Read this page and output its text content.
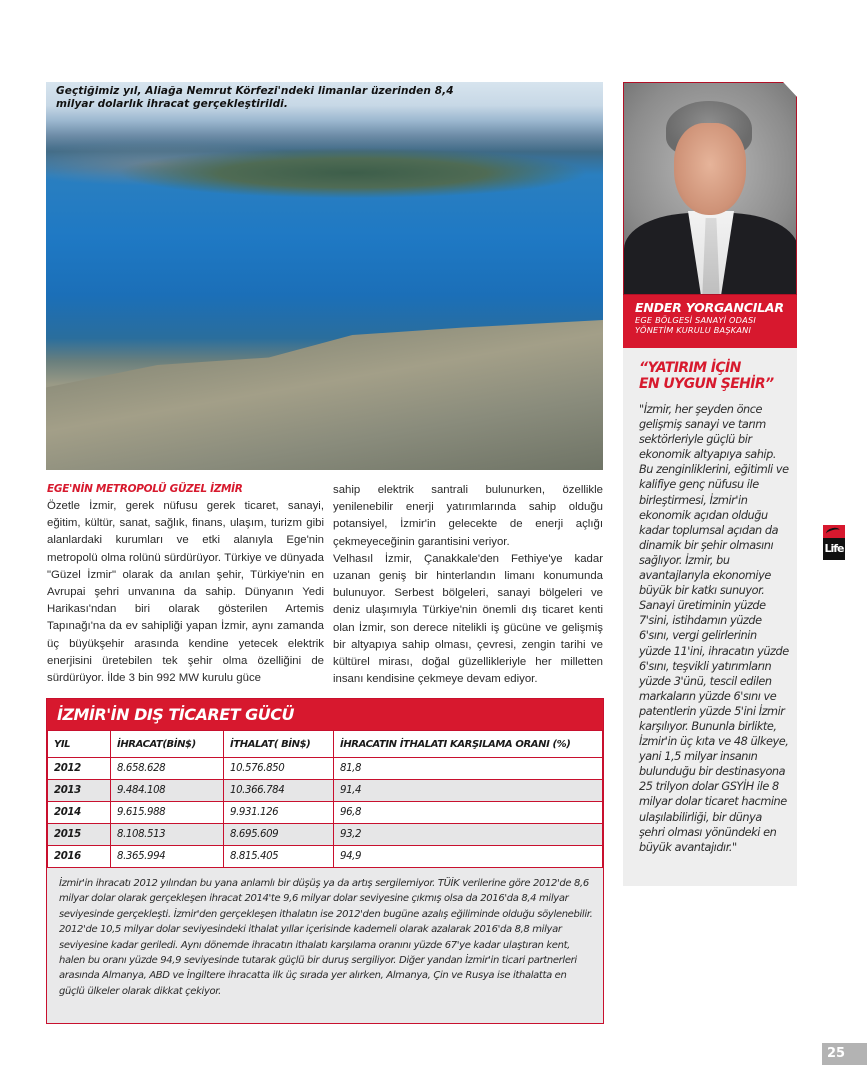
Geçtiğimiz yıl, Aliağa Nemrut Körfezi'ndeki limanlar üzerinden 8,4 milyar dolarlık ihracat gerçekleştirildi.
EGE'NİN METROPOLÜ GÜZEL İZMİR

Özetle İzmir, gerek nüfusu gerek ticaret, sanayi, eğitim, kültür, sanat, sağlık, finans, ulaşım, turizm gibi alanlardaki kurumları ve etki alanıyla Ege'nin metropolü olma rolünü sürdürüyor. Türkiye ve dünyada "Güzel İzmir" olarak da anılan şehir, Türkiye'nin en Avrupai şehri unvanına da sahip. Dünyanın Yedi Harikası'ndan biri olarak gösterilen Artemis Tapınağı'na da ev sahipliği yapan İzmir, aynı zamanda üç büyükşehir arasında kendine yetecek elektrik enerjisini üretebilen tek şehir olma özelliğini de sürdürüyor. İlde 3 bin 992 MW kurulu güce

sahip elektrik santrali bulunurken, özellikle yenilenebilir enerji yatırımlarında sahip olduğu potansiyel, İzmir'in gelecekte de enerji açlığı çekmeyeceğinin garantisini veriyor.

Velhasıl İzmir, Çanakkale'den Fethiye'ye kadar uzanan geniş bir hinterlandın limanı konumunda bulunuyor. Serbest bölgeleri, sanayi bölgeleri ve deniz ulaşımıyla Türkiye'nin önemli dış ticaret kenti olan İzmir, son derece nitelikli iş gücüne ve gelişmiş bir altyapıya sahip olması, çevresi, zengin tarihi ve kültürel mirası, doğal güzellikleriyle her milletten insanı kendisine çekmeye devam ediyor.

İZMİR'İN DIŞ TİCARET GÜCÜ
YIL	İHRACAT(BİN$)	İTHALAT( BİN$)	İHRACATIN İTHALATI KARŞILAMA ORANI (%)
2012	8.658.628	10.576.850	81,8
2013	9.484.108	10.366.784	91,4
2014	9.615.988	9.931.126	96,8
2015	8.108.513	8.695.609	93,2
2016	8.365.994	8.815.405	94,9
İzmir'in ihracatı 2012 yılından bu yana anlamlı bir düşüş ya da artış sergilemiyor. TÜİK verilerine göre 2012'de 8,6 milyar dolar olarak gerçekleşen ihracat 2014'te 9,6 milyar dolar seviyesine çıkmış olsa da 2016'da 8,4 milyar seviyesinde gerçekleşti. İzmir'den gerçekleşen ithalatın ise 2012'den bugüne azalış eğiliminde olduğu söylenebilir. 2012'de 10,5 milyar dolar seviyesindeki ithalat yıllar içerisinde kademeli olarak azalarak 2016'da 8,8 milyar seviyesine kadar geriledi. Aynı dönemde ihracatın ithalatı karşılama oranını yüzde 67'ye kadar ulaştıran kent, halen bu oranı yüzde 94,9 seviyesinde tutarak güçlü bir duruş sergiliyor. Diğer yandan İzmir'in ticari partnerleri arasında Almanya, ABD ve İngiltere ihracatta ilk üç sırada yer alırken, Almanya, Çin ve Rusya ise ithalatta en güçlü ülkeler olarak dikkat çekiyor.
ENDER YORGANCILAR
EGE BÖLGESİ SANAYİ ODASI
YÖNETİM KURULU BAŞKANI
“YATIRIM İÇİN
EN UYGUN ŞEHİR”
"İzmir, her şeyden önce gelişmiş sanayi ve tarım sektörleriyle güçlü bir ekonomik altyapıya sahip. Bu zenginliklerini, eğitimli ve kalifiye genç nüfusu ile birleştirmesi, İzmir'in ekonomik açıdan olduğu kadar toplumsal açıdan da dinamik bir şehir olmasını sağlıyor. İzmir, bu avantajlarıyla ekonomiye büyük bir katkı sunuyor. Sanayi üretiminin yüzde 7'sini, istihdamın yüzde 6'sını, vergi gelirlerinin yüzde 11'ini, ihracatın yüzde 6'sını, teşvikli yatırımların yüzde 3'ünü, tescil edilen markaların yüzde 6'sını ve patentlerin yüzde 5'ini İzmir karşılıyor. Bununla birlikte, İzmir'in üç kıta ve 48 ülkeye, yani 1,5 milyar insanın bulunduğu bir destinasyona 25 trilyon dolar GSYİH ile 8 milyar dolar ticaret hacmine ulaşılabilirliği, bir dünya şehri olması yönündeki en büyük avantajıdır."
Life
25
